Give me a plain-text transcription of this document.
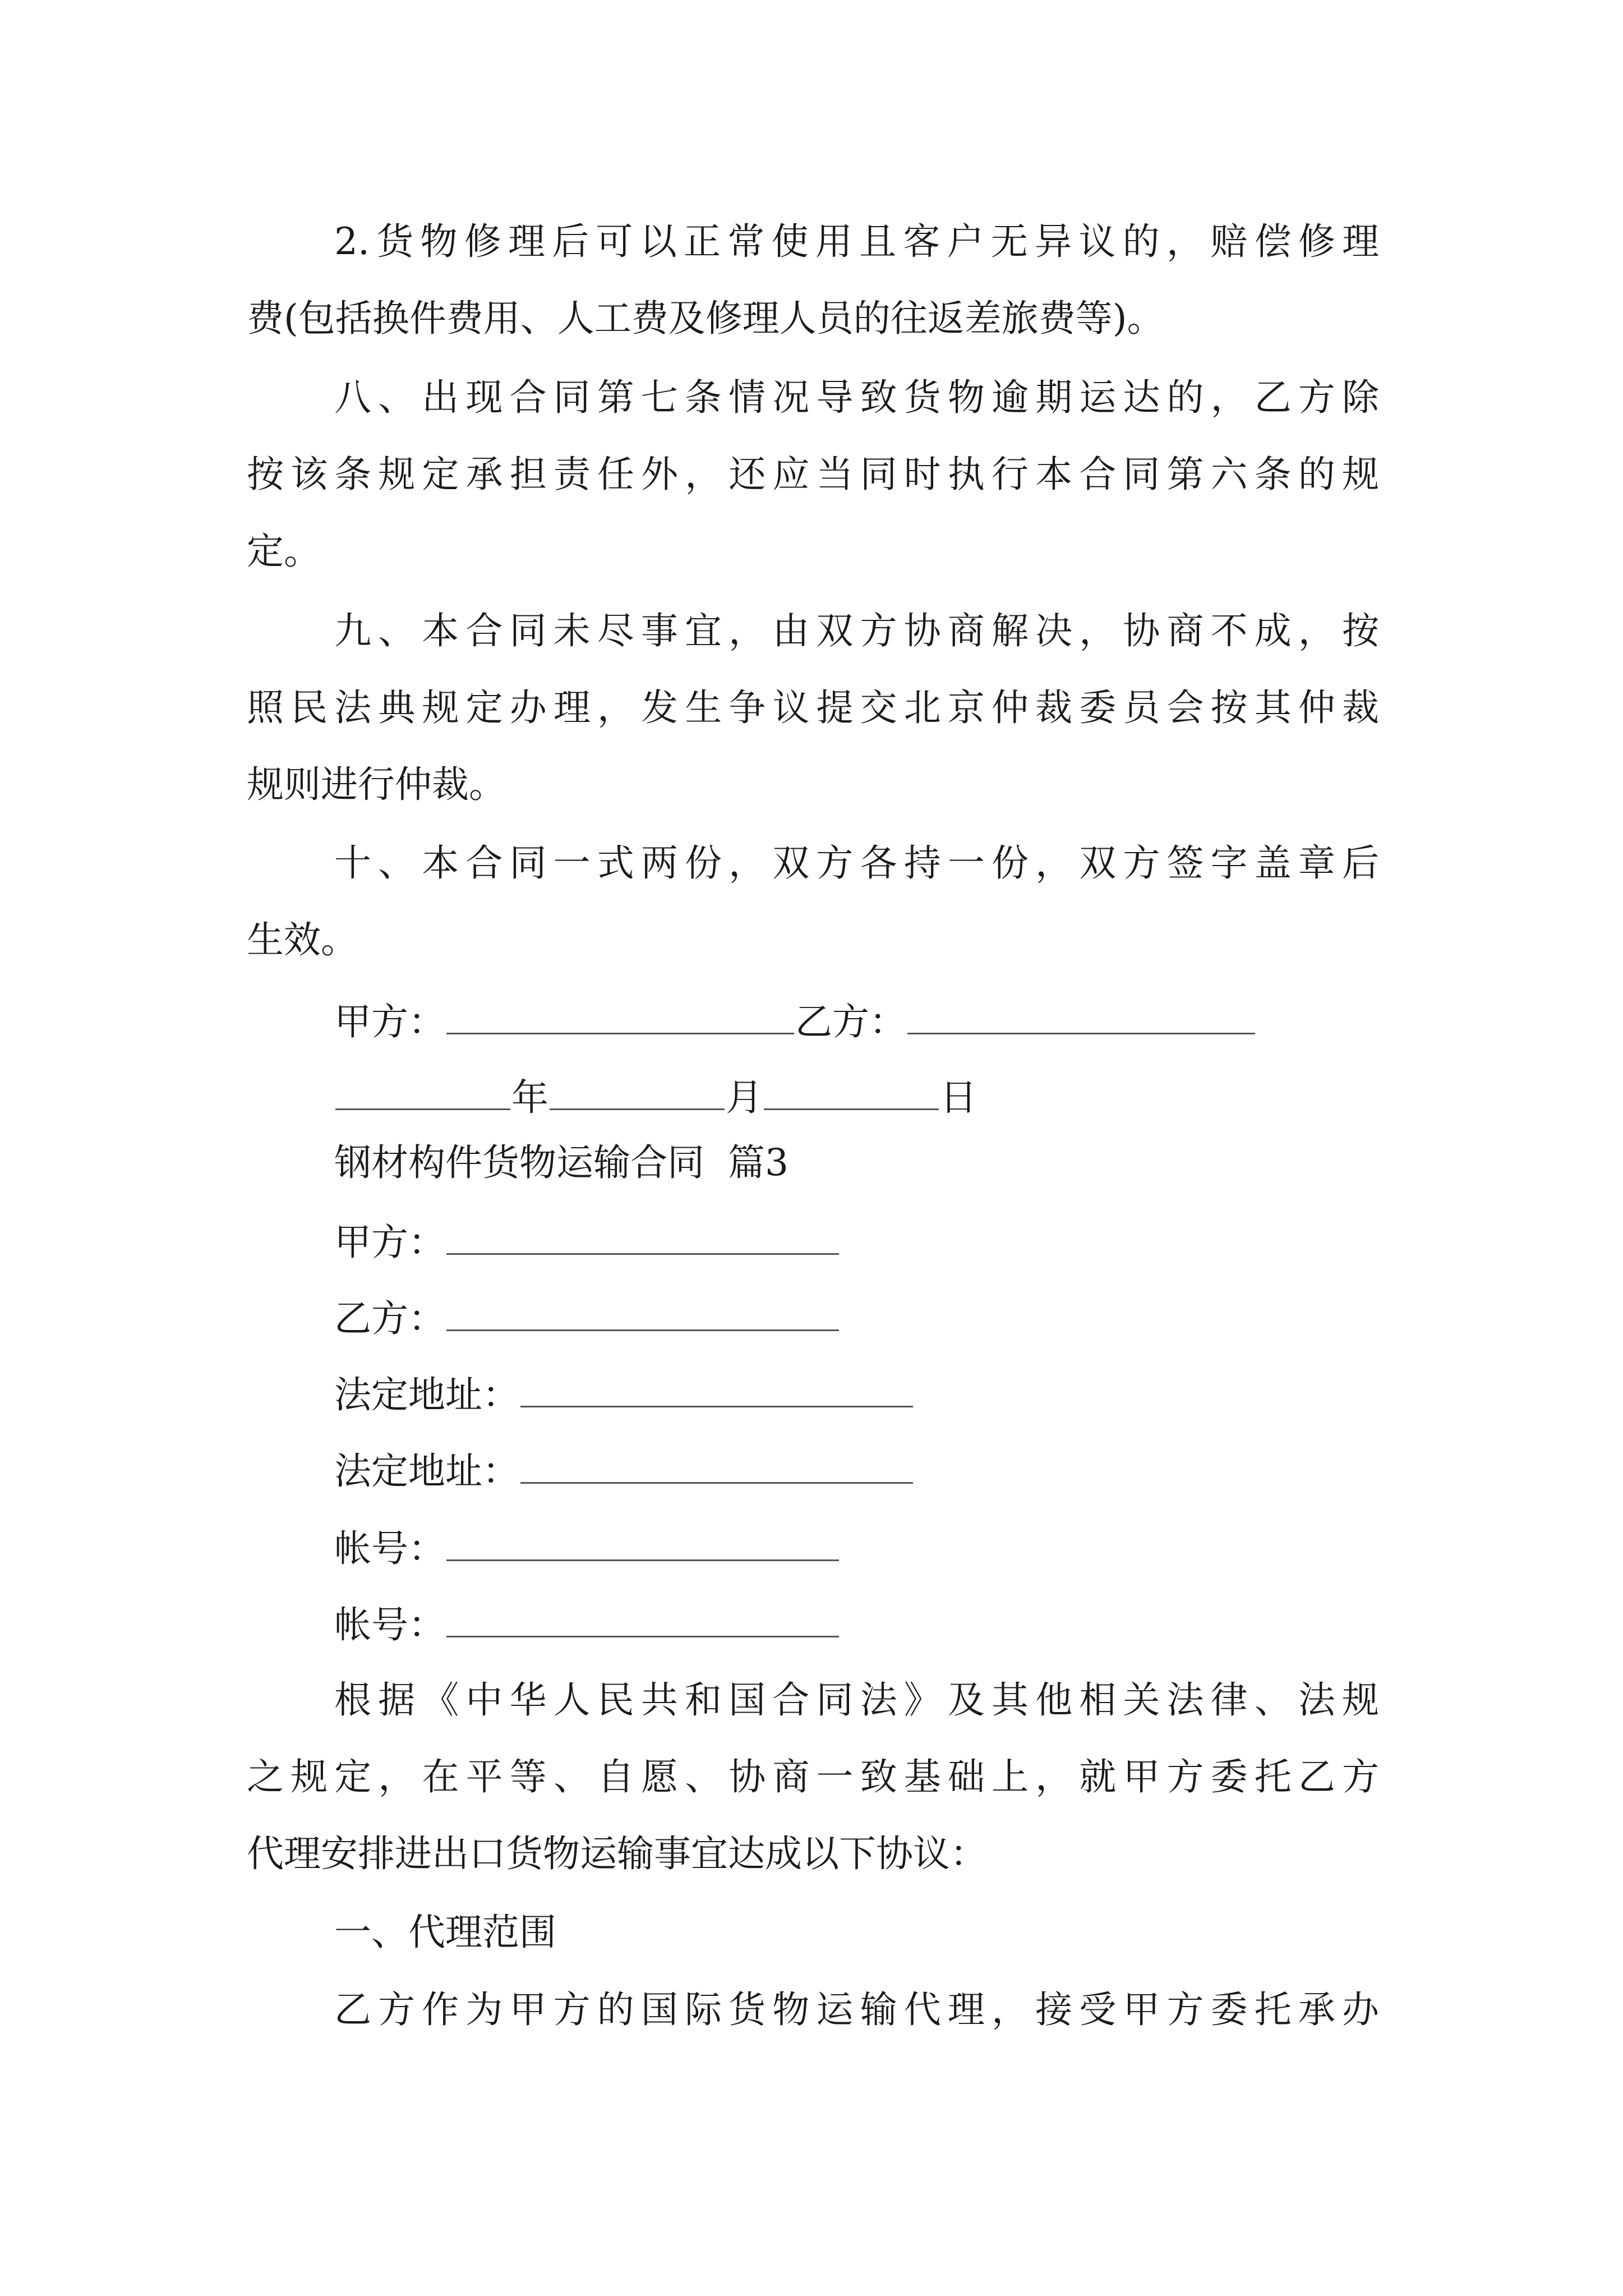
2.货物修理后可以正常使用且客户无异议的，赔偿修理
费(包括换件费用、人工费及修理人员的往返差旅费等)。
八、出现合同第七条情况导致货物逾期运达的，乙方除
按该条规定承担责任外，还应当同时执行本合同第六条的规
定。
九、本合同未尽事宜，由双方协商解决，协商不成，按
照民法典规定办理，发生争议提交北京仲裁委员会按其仲裁
规则进行仲裁。
十、本合同一式两份，双方各持一份，双方签字盖章后
生效。
甲方：	乙方：
年	月	日
钢材构件货物运输合同  篇3
甲方：
乙方：
法定地址：
法定地址：
帐号：
帐号：
根据《中华人民共和国合同法》及其他相关法律、法规
之规定，在平等、自愿、协商一致基础上，就甲方委托乙方
代理安排进出口货物运输事宜达成以下协议：
一、代理范围
乙方作为甲方的国际货物运输代理，接受甲方委托承办
